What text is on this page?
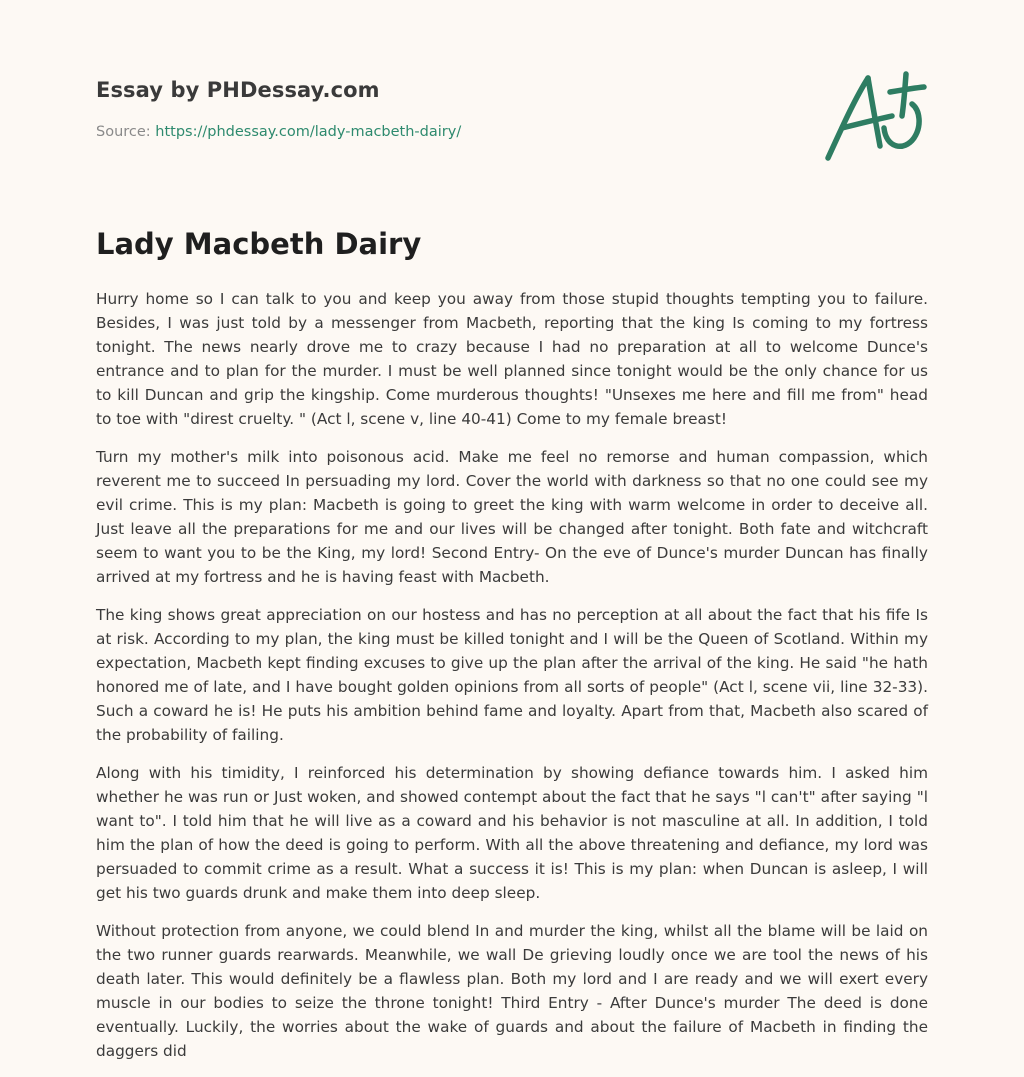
Essay by PHDessay.com
Source: https://phdessay.com/lady-macbeth-dairy/
Lady Macbeth Dairy

Hurry home so I can talk to you and keep you away from those stupid thoughts tempting you to failure. Besides, I was just told by a messenger from Macbeth, reporting that the king Is coming to my fortress tonight. The news nearly drove me to crazy because I had no preparation at all to welcome Dunce's entrance and to plan for the murder. I must be well planned since tonight would be the only chance for us to kill Duncan and grip the kingship. Come murderous thoughts! "Unsexes me here and fill me from" head to toe with "direst cruelty. " (Act l, scene v, line 40-41) Come to my female breast!

Turn my mother's milk into poisonous acid. Make me feel no remorse and human compassion, which reverent me to succeed In persuading my lord. Cover the world with darkness so that no one could see my evil crime. This is my plan: Macbeth is going to greet the king with warm welcome in order to deceive all. Just leave all the preparations for me and our lives will be changed after tonight. Both fate and witchcraft seem to want you to be the King, my lord! Second Entry- On the eve of Dunce's murder Duncan has finally arrived at my fortress and he is having feast with Macbeth.

The king shows great appreciation on our hostess and has no perception at all about the fact that his fife Is at risk. According to my plan, the king must be killed tonight and I will be the Queen of Scotland. Within my expectation, Macbeth kept finding excuses to give up the plan after the arrival of the king. He said "he hath honored me of late, and I have bought golden opinions from all sorts of people" (Act l, scene vii, line 32-33). Such a coward he is! He puts his ambition behind fame and loyalty. Apart from that, Macbeth also scared of the probability of failing.

Along with his timidity, I reinforced his determination by showing defiance towards him. I asked him whether he was run or Just woken, and showed contempt about the fact that he says "l can't" after saying "l want to". I told him that he will live as a coward and his behavior is not masculine at all. In addition, I told him the plan of how the deed is going to perform. With all the above threatening and defiance, my lord was persuaded to commit crime as a result. What a success it is! This is my plan: when Duncan is asleep, I will get his two guards drunk and make them into deep sleep.

Without protection from anyone, we could blend In and murder the king, whilst all the blame will be laid on the two runner guards rearwards. Meanwhile, we wall De grieving loudly once we are tool the news of his death later. This would definitely be a flawless plan. Both my lord and I are ready and we will exert every muscle in our bodies to seize the throne tonight! Third Entry - After Dunce's murder The deed is done eventually. Luckily, the worries about the wake of guards and about the failure of Macbeth in finding the daggers did
